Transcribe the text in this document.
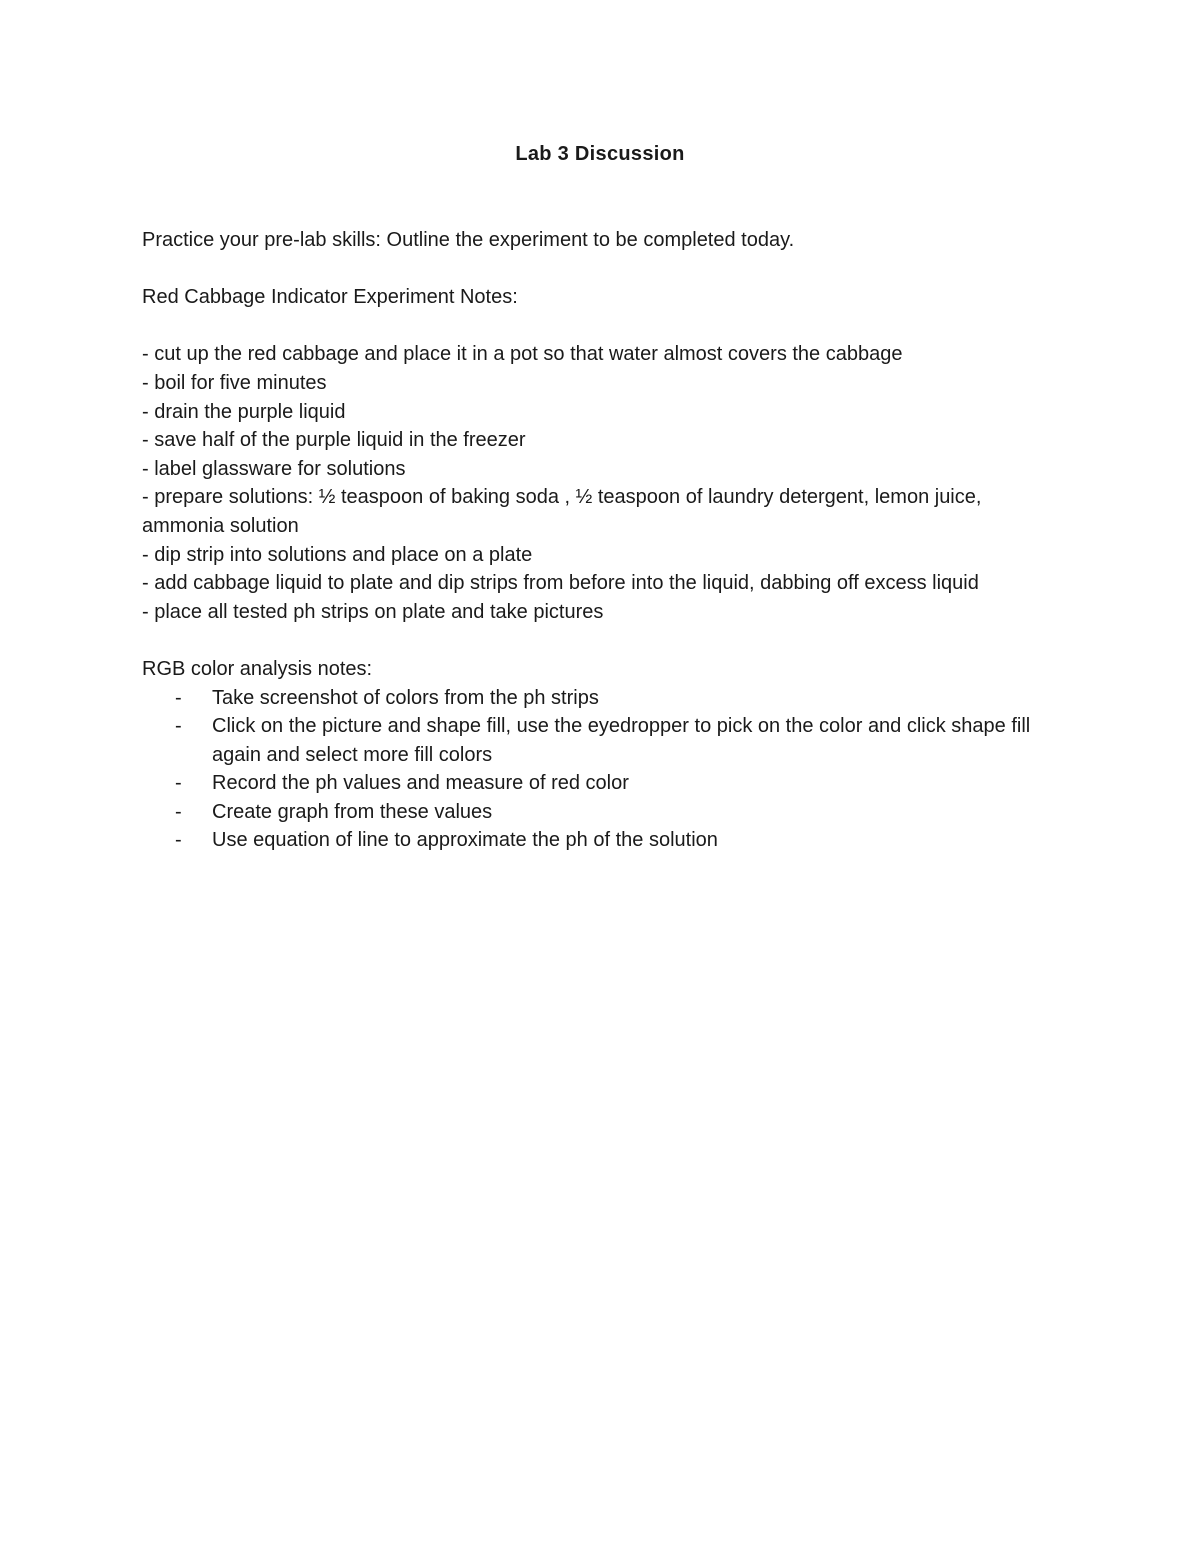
Lab 3 Discussion

Practice your pre-lab skills: Outline the experiment to be completed today.

Red Cabbage Indicator Experiment Notes:

- cut up the red cabbage and place it in a pot so that water almost covers the cabbage
- boil for five minutes
- drain the purple liquid
- save half of the purple liquid in the freezer
- label glassware for solutions
- prepare solutions: ½ teaspoon of baking soda , ½ teaspoon of laundry detergent, lemon juice, ammonia solution
- dip strip into solutions and place on a plate
- add cabbage liquid to plate and dip strips from before into the liquid, dabbing off excess liquid
- place all tested ph strips on plate and take pictures

RGB color analysis notes:

- Take screenshot of colors from the ph strips
- Click on the picture and shape fill, use the eyedropper to pick on the color and click shape fill again and select more fill colors
- Record the ph values and measure of red color
- Create graph from these values
- Use equation of line to approximate the ph of the solution
